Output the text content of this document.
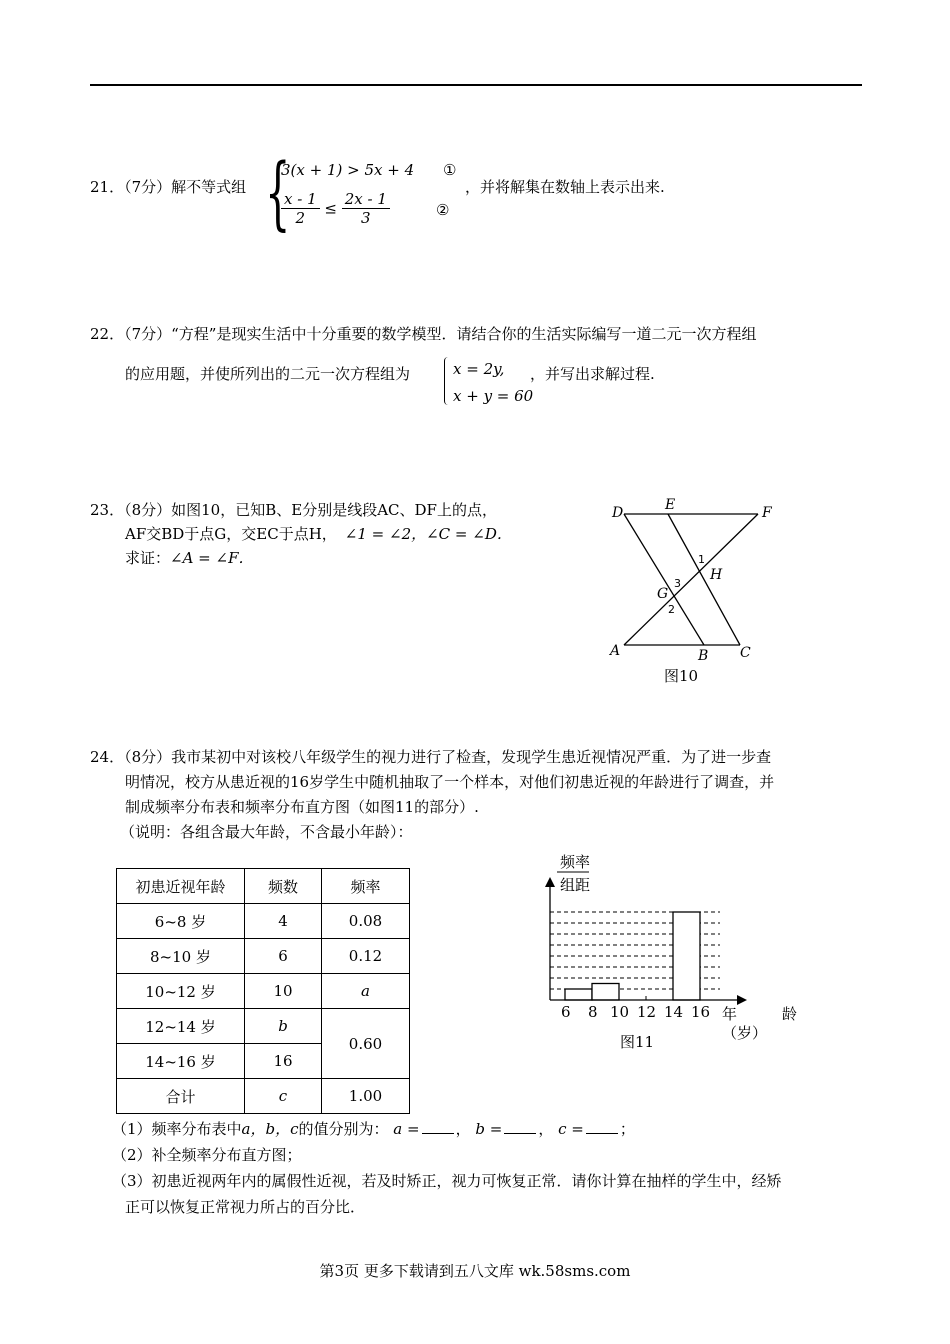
21．（7分）解不等式组 {
3(x + 1) > 5x + 4 ①
$\frac{x - 1}{2} \le \frac{2x - 1}{3}$	②
，并将解集在数轴上表示出来.
22．（7分）“方程”是现实生活中十分重要的数学模型．请结合你的生活实际编写一道二元一次方程组
的应用题，并使所列出的二元一次方程组为	x = 2y,
x + y = 60
，并写出求解过程.
23．（8分）如图10，已知B、E分别是线段AC、DF上的点，
AF交BD于点G，交EC于点H， ∠1 = ∠2，∠C = ∠D．
求证：∠A = ∠F．
D	E	F
A	B C
G
H
1
2
3
图10
24．（8分）我市某初中对该校八年级学生的视力进行了检查，发现学生患近视情况严重．为了进一步查
明情况，校方从患近视的16岁学生中随机抽取了一个样本，对他们初患近视的年龄进行了调查，并
制成频率分布表和频率分布直方图（如图11的部分）.
（说明：各组含最大年龄，不含最小年龄）：
初患近视年龄	频数	频率
6~8 岁	4	0.08
8~10 岁	6	0.12
10~12 岁	10	a
12~14 岁	b	0.60
14~16 岁	16	
合计	c	1.00
频率
组距
6 8 10 12 14 16 年	龄
（岁）
图11
（1）频率分布表中a，b，c的值分别为： a = ， b = ， c = ；
（2）补全频率分布直方图；
（3）初患近视两年内的属假性近视，若及时矫正，视力可恢复正常．请你计算在抽样的学生中，经矫
正可以恢复正常视力所占的百分比．
第3页 更多下载请到五八文库 wk.58sms.com
